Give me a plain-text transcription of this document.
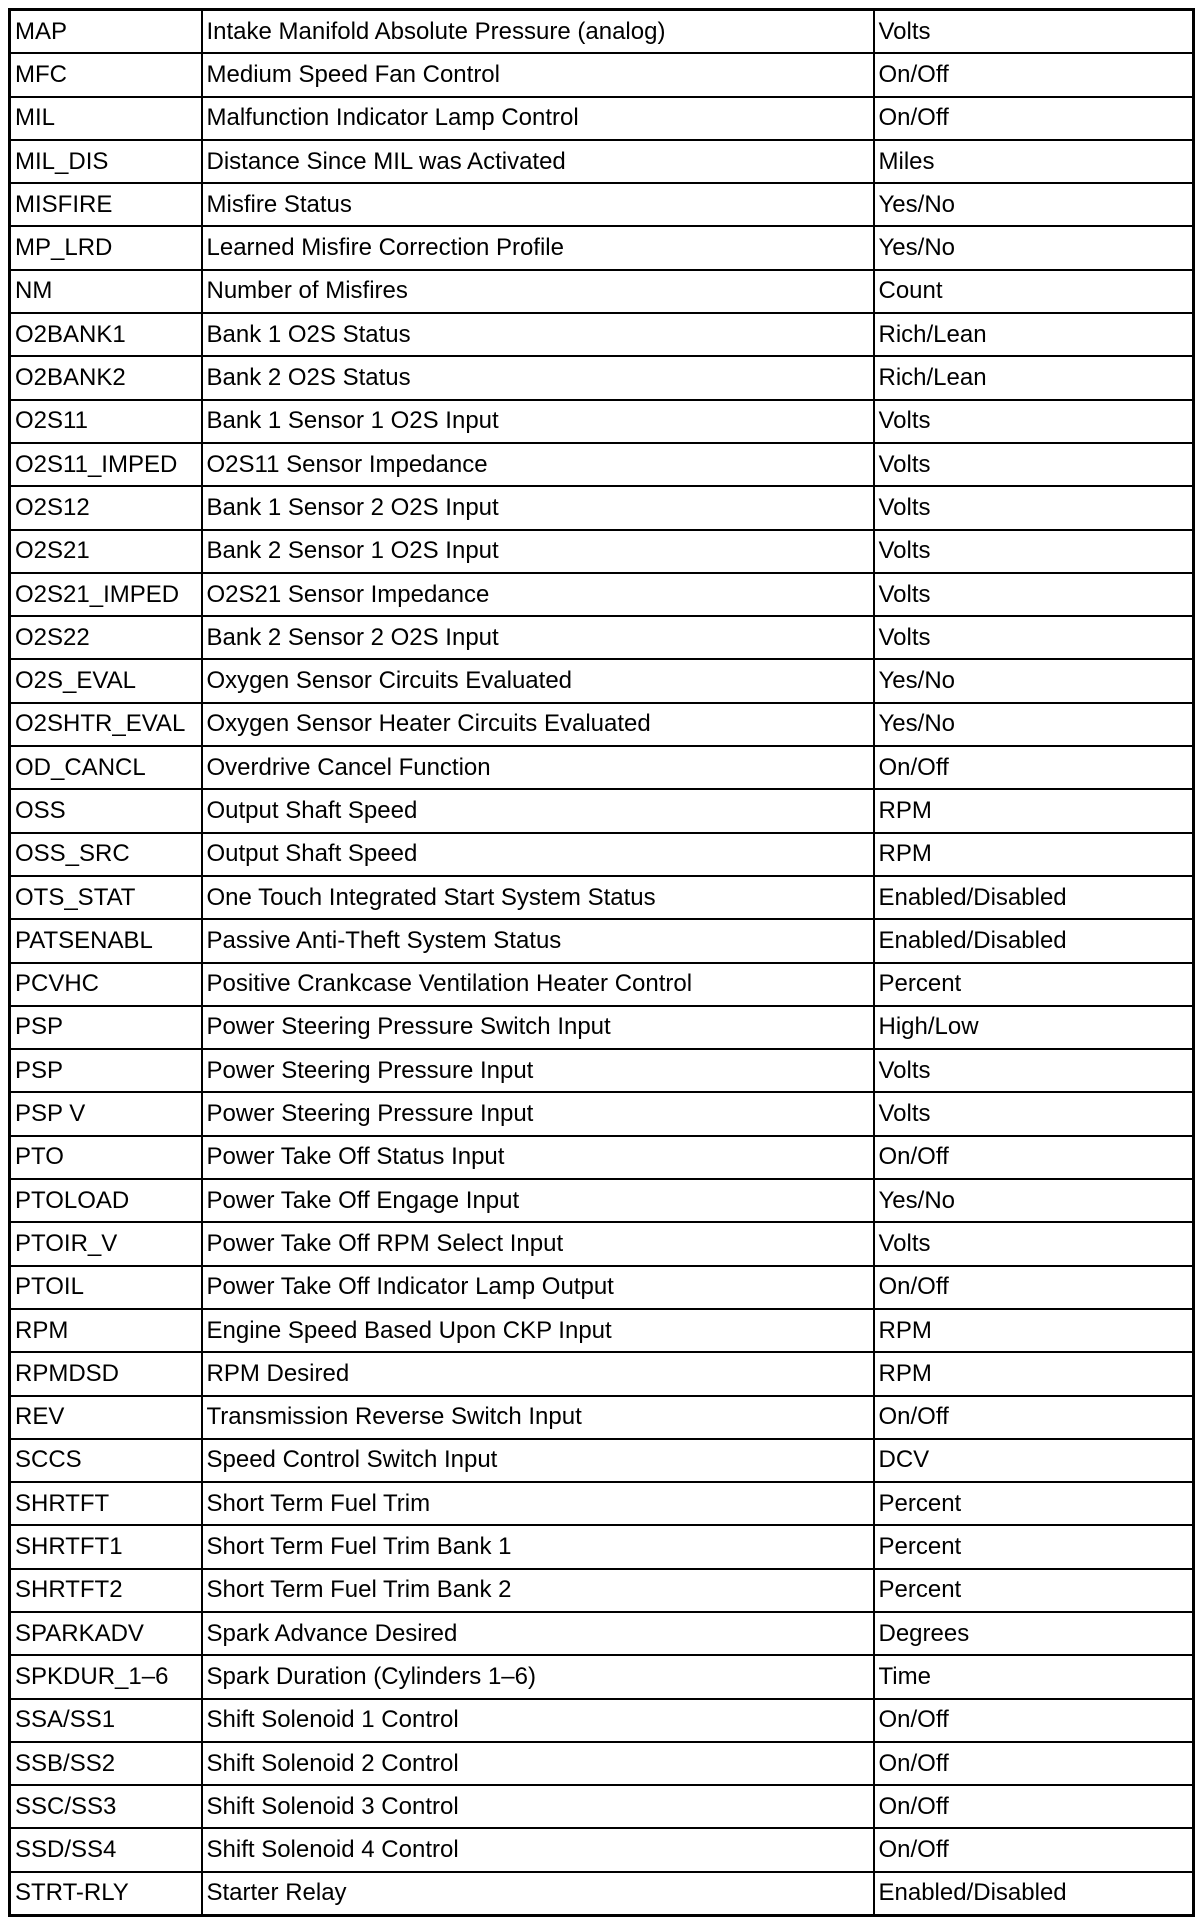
MAP	Intake Manifold Absolute Pressure (analog)	Volts
MFC	Medium Speed Fan Control	On/Off
MIL	Malfunction Indicator Lamp Control	On/Off
MIL_DIS	Distance Since MIL was Activated	Miles
MISFIRE	Misfire Status	Yes/No
MP_LRD	Learned Misfire Correction Profile	Yes/No
NM	Number of Misfires	Count
O2BANK1	Bank 1 O2S Status	Rich/Lean
O2BANK2	Bank 2 O2S Status	Rich/Lean
O2S11	Bank 1 Sensor 1 O2S Input	Volts
O2S11_IMPED	O2S11 Sensor Impedance	Volts
O2S12	Bank 1 Sensor 2 O2S Input	Volts
O2S21	Bank 2 Sensor 1 O2S Input	Volts
O2S21_IMPED	O2S21 Sensor Impedance	Volts
O2S22	Bank 2 Sensor 2 O2S Input	Volts
O2S_EVAL	Oxygen Sensor Circuits Evaluated	Yes/No
O2SHTR_EVAL	Oxygen Sensor Heater Circuits Evaluated	Yes/No
OD_CANCL	Overdrive Cancel Function	On/Off
OSS	Output Shaft Speed	RPM
OSS_SRC	Output Shaft Speed	RPM
OTS_STAT	One Touch Integrated Start System Status	Enabled/Disabled
PATSENABL	Passive Anti-Theft System Status	Enabled/Disabled
PCVHC	Positive Crankcase Ventilation Heater Control	Percent
PSP	Power Steering Pressure Switch Input	High/Low
PSP	Power Steering Pressure Input	Volts
PSP V	Power Steering Pressure Input	Volts
PTO	Power Take Off Status Input	On/Off
PTOLOAD	Power Take Off Engage Input	Yes/No
PTOIR_V	Power Take Off RPM Select Input	Volts
PTOIL	Power Take Off Indicator Lamp Output	On/Off
RPM	Engine Speed Based Upon CKP Input	RPM
RPMDSD	RPM Desired	RPM
REV	Transmission Reverse Switch Input	On/Off
SCCS	Speed Control Switch Input	DCV
SHRTFT	Short Term Fuel Trim	Percent
SHRTFT1	Short Term Fuel Trim Bank 1	Percent
SHRTFT2	Short Term Fuel Trim Bank 2	Percent
SPARKADV	Spark Advance Desired	Degrees
SPKDUR_1–6	Spark Duration (Cylinders 1–6)	Time
SSA/SS1	Shift Solenoid 1 Control	On/Off
SSB/SS2	Shift Solenoid 2 Control	On/Off
SSC/SS3	Shift Solenoid 3 Control	On/Off
SSD/SS4	Shift Solenoid 4 Control	On/Off
STRT-RLY	Starter Relay	Enabled/Disabled
